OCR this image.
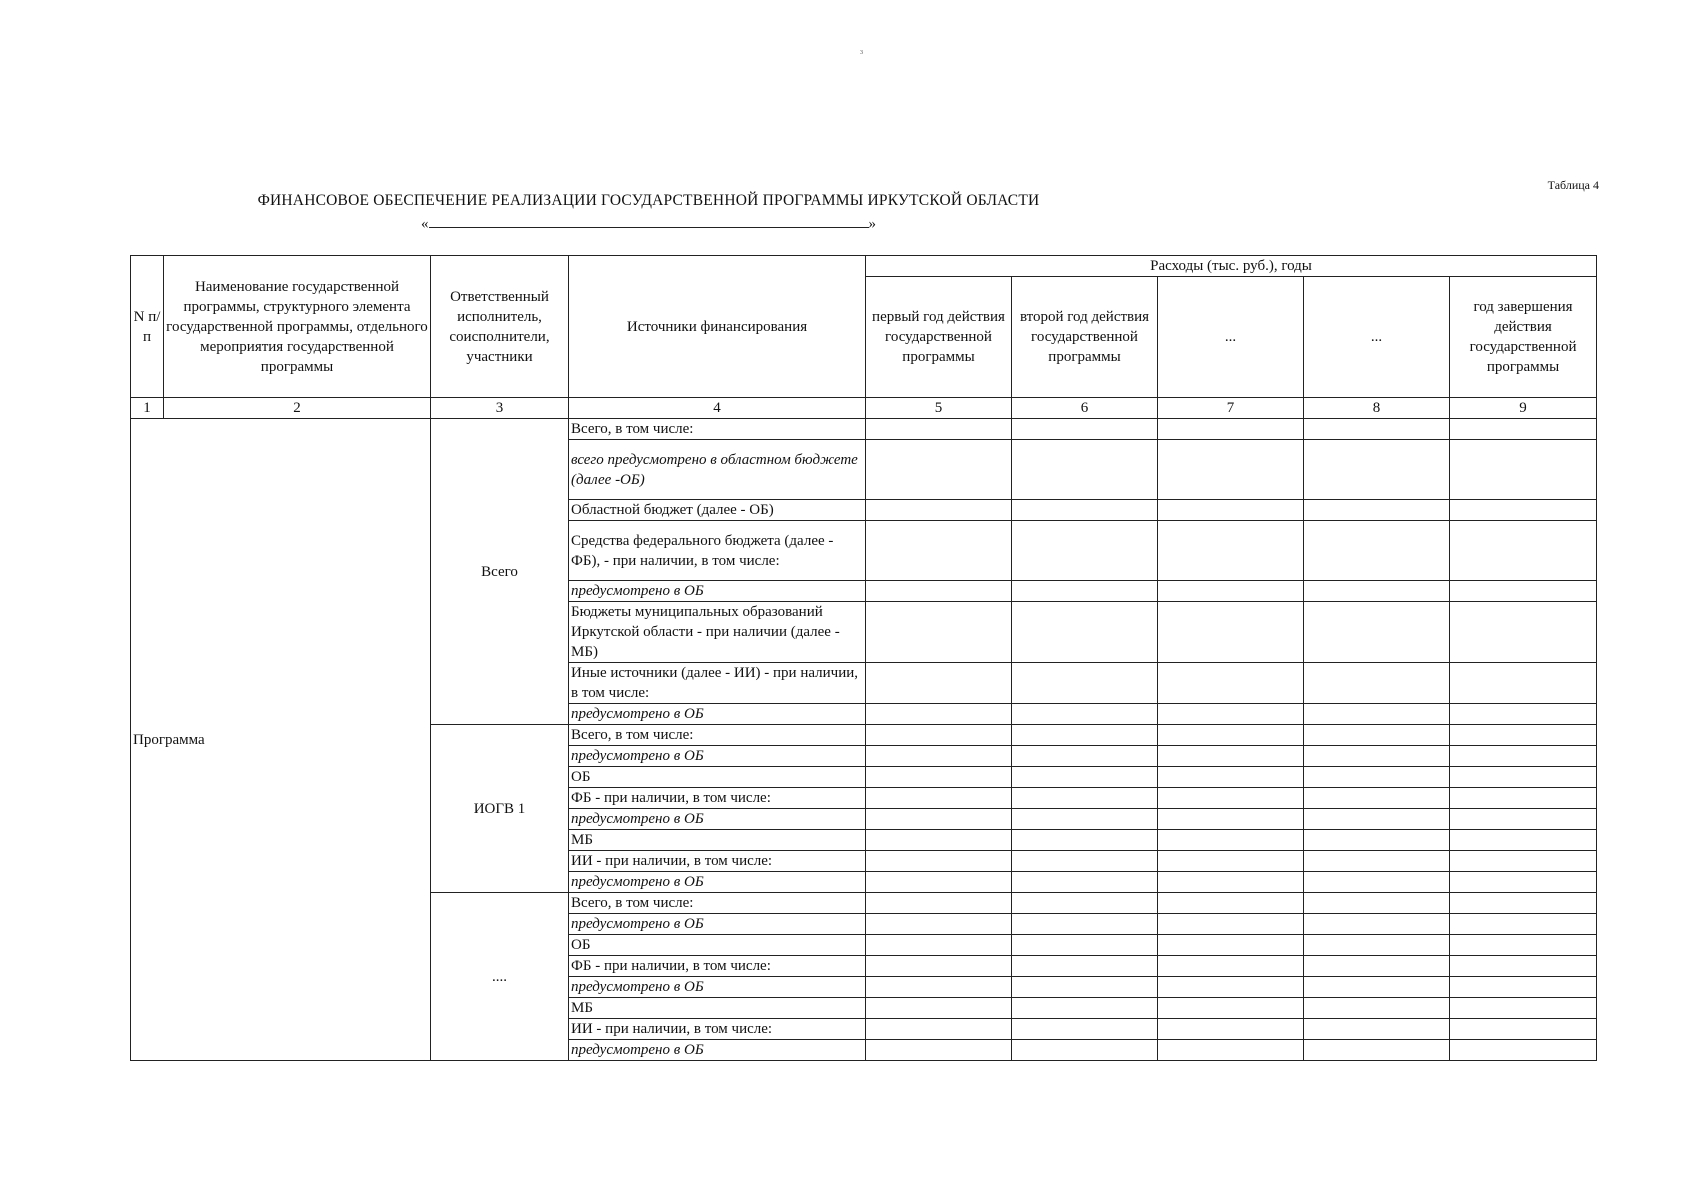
3
Таблица 4
ФИНАНСОВОЕ ОБЕСПЕЧЕНИЕ РЕАЛИЗАЦИИ ГОСУДАРСТВЕННОЙ ПРОГРАММЫ ИРКУТСКОЙ ОБЛАСТИ
«	»
N п/п	Наименование государственной программы, структурного элемента государственной программы, отдельного мероприятия государственной программы	Ответственный исполнитель, соисполнители, участники	Источники финансирования	Расходы (тыс. руб.), годы				
				первый год действия государственной программы	второй год действия государственной программы	...	...	год завершения действия государственной программы
1	2	3	4	5	6	7	8	9
Программа		Всего	Всего, в том числе:					
			всего предусмотрено в областном бюджете (далее -ОБ)					
			Областной бюджет (далее - ОБ)					
			Средства федерального бюджета (далее - ФБ), - при наличии, в том числе:					
			предусмотрено в ОБ					
			Бюджеты муниципальных образований Иркутской области - при наличии (далее - МБ)					
			Иные источники (далее - ИИ) - при наличии, в том числе:					
			предусмотрено в ОБ					
		ИОГВ 1	Всего, в том числе:					
			предусмотрено в ОБ					
			ОБ					
			ФБ - при наличии, в том числе:					
			предусмотрено в ОБ					
			МБ					
			ИИ - при наличии, в том числе:					
			предусмотрено в ОБ					
		....	Всего, в том числе:					
			предусмотрено в ОБ					
			ОБ					
			ФБ - при наличии, в том числе:					
			предусмотрено в ОБ					
			МБ					
			ИИ - при наличии, в том числе:					
			предусмотрено в ОБ					
